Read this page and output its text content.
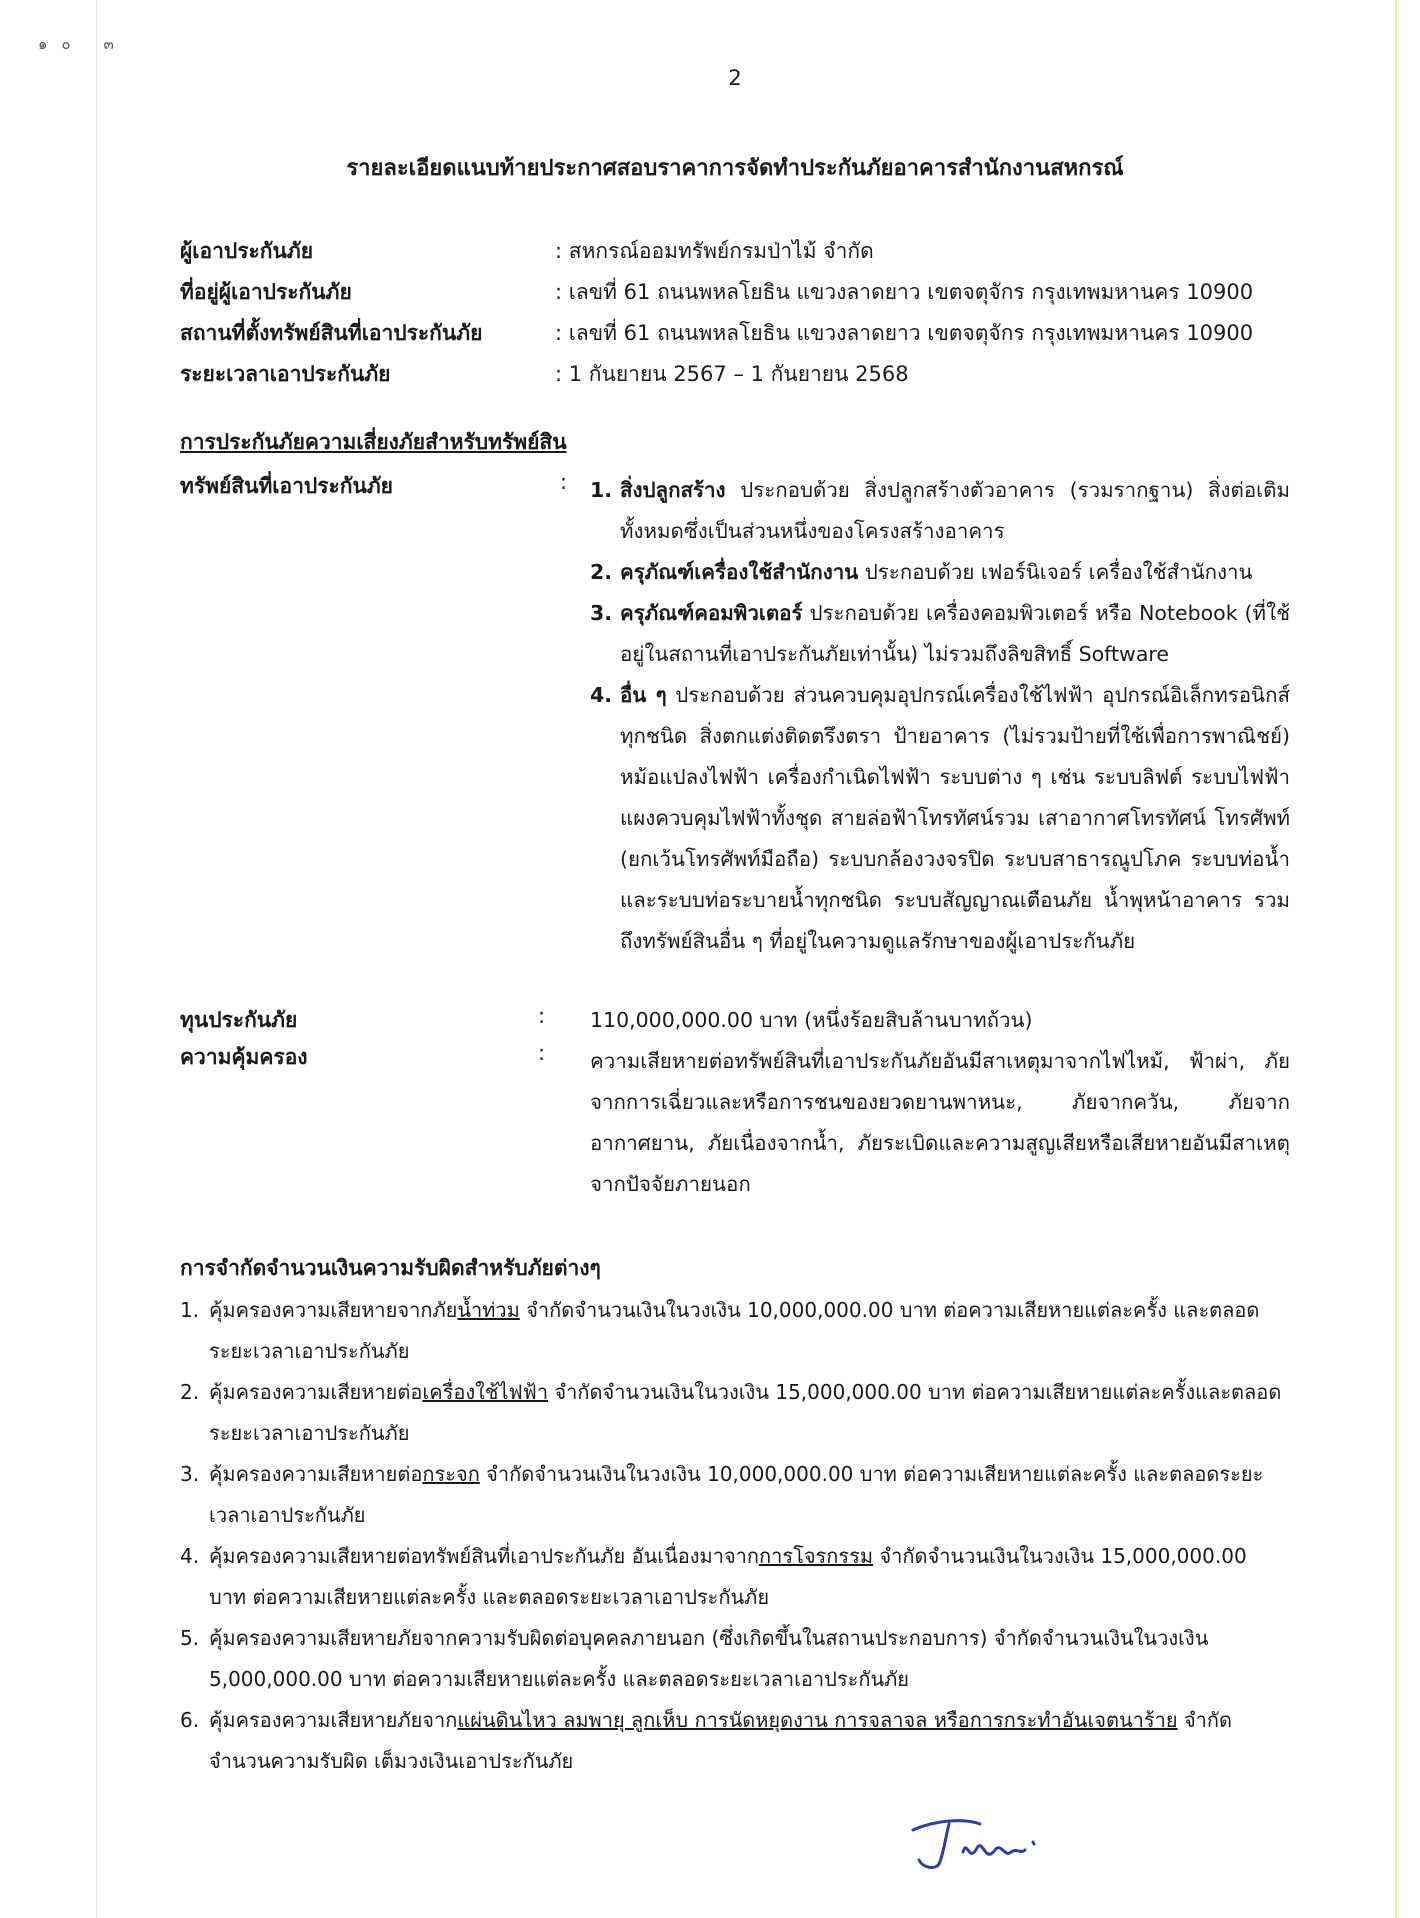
๑๐ ๓
2
รายละเอียดแนบท้ายประกาศสอบราคาการจัดทำประกันภัยอาคารสำนักงานสหกรณ์
ผู้เอาประกันภัย	: สหกรณ์ออมทรัพย์กรมป่าไม้ จำกัด
ที่อยู่ผู้เอาประกันภัย	: เลขที่ 61 ถนนพหลโยธิน แขวงลาดยาว เขตจตุจักร กรุงเทพมหานคร 10900
สถานที่ตั้งทรัพย์สินที่เอาประกันภัย	: เลขที่ 61 ถนนพหลโยธิน แขวงลาดยาว เขตจตุจักร กรุงเทพมหานคร 10900
ระยะเวลาเอาประกันภัย	: 1 กันยายน 2567 – 1 กันยายน 2568
การประกันภัยความเสี่ยงภัยสำหรับทรัพย์สิน
ทรัพย์สินที่เอาประกันภัย	: 1. สิ่งปลูกสร้าง ประกอบด้วย สิ่งปลูกสร้างตัวอาคาร (รวมรากฐาน) สิ่งต่อเติมทั้งหมดซึ่งเป็นส่วนหนึ่งของโครงสร้างอาคาร
2. ครุภัณฑ์เครื่องใช้สำนักงาน ประกอบด้วย เฟอร์นิเจอร์ เครื่องใช้สำนักงาน
3. ครุภัณฑ์คอมพิวเตอร์ ประกอบด้วย เครื่องคอมพิวเตอร์ หรือ Notebook (ที่ใช้อยู่ในสถานที่เอาประกันภัยเท่านั้น) ไม่รวมถึงลิขสิทธิ์ Software
4. อื่น ๆ ประกอบด้วย ส่วนควบคุมอุปกรณ์เครื่องใช้ไฟฟ้า อุปกรณ์อิเล็กทรอนิกส์ทุกชนิด สิ่งตกแต่งติดตรึงตรา ป้ายอาคาร (ไม่รวมป้ายที่ใช้เพื่อการพาณิชย์) หม้อแปลงไฟฟ้า เครื่องกำเนิดไฟฟ้า ระบบต่าง ๆ เช่น ระบบลิฟต์ ระบบไฟฟ้า แผงควบคุมไฟฟ้าทั้งชุด สายล่อฟ้าโทรทัศน์รวม เสาอากาศโทรทัศน์ โทรศัพท์ (ยกเว้นโทรศัพท์มือถือ) ระบบกล้องวงจรปิด ระบบสาธารณูปโภค ระบบท่อน้ำ และระบบท่อระบายน้ำทุกชนิด ระบบสัญญาณเตือนภัย น้ำพุหน้าอาคาร รวมถึงทรัพย์สินอื่น ๆ ที่อยู่ในความดูแลรักษาของผู้เอาประกันภัย
ทุนประกันภัย	: 110,000,000.00 บาท (หนึ่งร้อยสิบล้านบาทถ้วน)
ความคุ้มครอง	: ความเสียหายต่อทรัพย์สินที่เอาประกันภัยอันมีสาเหตุมาจากไฟไหม้, ฟ้าผ่า, ภัยจากการเฉี่ยวและหรือการชนของยวดยานพาหนะ, ภัยจากควัน, ภัยจากอากาศยาน, ภัยเนื่องจากน้ำ, ภัยระเบิดและความสูญเสียหรือเสียหายอันมีสาเหตุจากปัจจัยภายนอก
การจำกัดจำนวนเงินความรับผิดสำหรับภัยต่างๆ
1. คุ้มครองความเสียหายจากภัยน้ำท่วม จำกัดจำนวนเงินในวงเงิน 10,000,000.00 บาท ต่อความเสียหายแต่ละครั้ง และตลอดระยะเวลาเอาประกันภัย
2. คุ้มครองความเสียหายต่อเครื่องใช้ไฟฟ้า จำกัดจำนวนเงินในวงเงิน 15,000,000.00 บาท ต่อความเสียหายแต่ละครั้งและตลอดระยะเวลาเอาประกันภัย
3. คุ้มครองความเสียหายต่อกระจก จำกัดจำนวนเงินในวงเงิน 10,000,000.00 บาท ต่อความเสียหายแต่ละครั้ง และตลอดระยะเวลาเอาประกันภัย
4. คุ้มครองความเสียหายต่อทรัพย์สินที่เอาประกันภัย อันเนื่องมาจากการโจรกรรม จำกัดจำนวนเงินในวงเงิน 15,000,000.00 บาท ต่อความเสียหายแต่ละครั้ง และตลอดระยะเวลาเอาประกันภัย
5. คุ้มครองความเสียหายภัยจากความรับผิดต่อบุคคลภายนอก (ซึ่งเกิดขึ้นในสถานประกอบการ) จำกัดจำนวนเงินในวงเงิน 5,000,000.00 บาท ต่อความเสียหายแต่ละครั้ง และตลอดระยะเวลาเอาประกันภัย
6. คุ้มครองความเสียหายภัยจากแผ่นดินไหว ลมพายุ ลูกเห็บ การนัดหยุดงาน การจลาจล หรือการกระทำอันเจตนาร้าย จำกัดจำนวนความรับผิด เต็มวงเงินเอาประกันภัย
